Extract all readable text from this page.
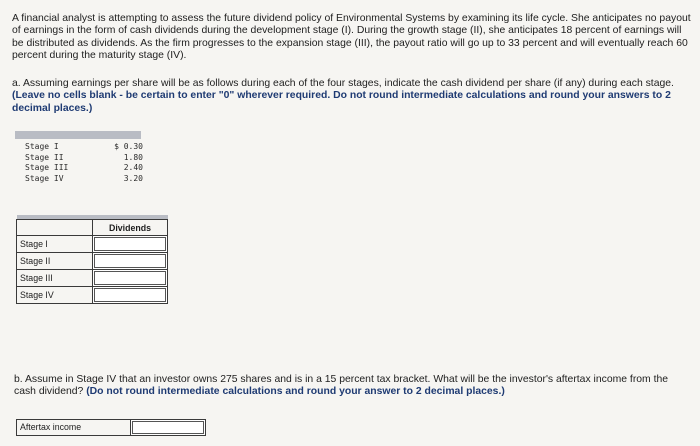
A financial analyst is attempting to assess the future dividend policy of Environmental Systems by examining its life cycle. She anticipates no payout of earnings in the form of cash dividends during the development stage (I). During the growth stage (II), she anticipates 18 percent of earnings will be distributed as dividends. As the firm progresses to the expansion stage (III), the payout ratio will go up to 33 percent and will eventually reach 60 percent during the maturity stage (IV).
a. Assuming earnings per share will be as follows during each of the four stages, indicate the cash dividend per share (if any) during each stage. (Leave no cells blank - be certain to enter "0" wherever required. Do not round intermediate calculations and round your answers to 2 decimal places.)
Stage I	$ 0.30
Stage II	1.80
Stage III	2.40
Stage IV	3.20

	Dividends
Stage I	

Stage II	

Stage III	

Stage IV	
b. Assume in Stage IV that an investor owns 275 shares and is in a 15 percent tax bracket. What will be the investor's aftertax income from the cash dividend? (Do not round intermediate calculations and round your answer to 2 decimal places.)
Aftertax income
